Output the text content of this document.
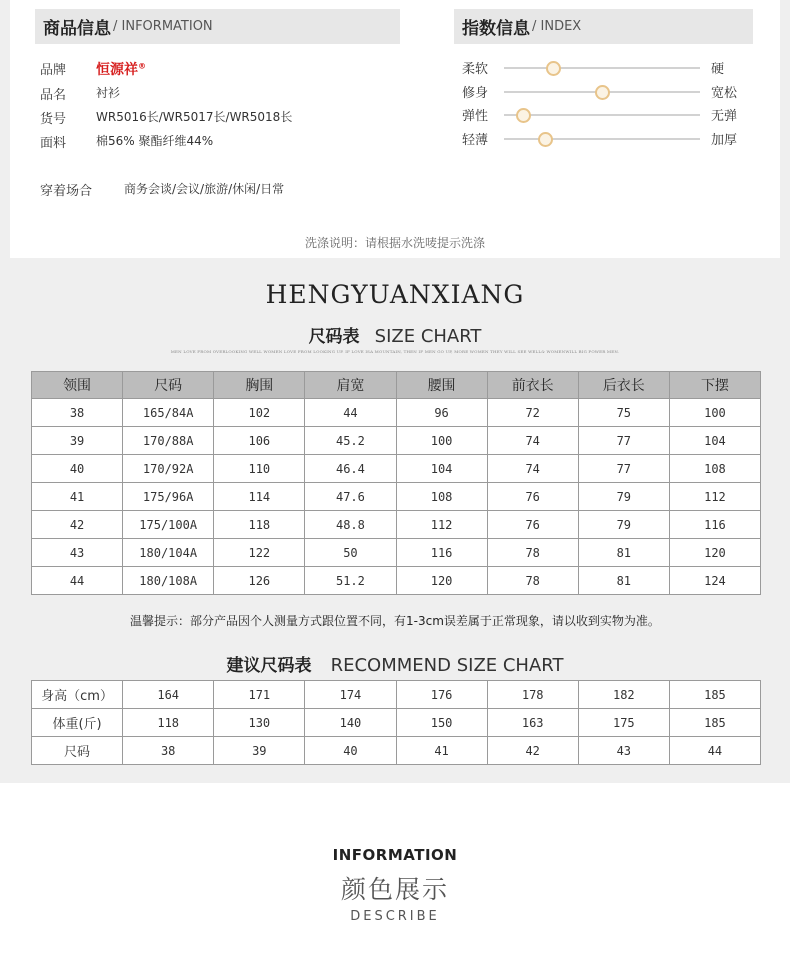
商品信息 / INFORMATION
品牌	恒源祥®
品名	衬衫
货号	WR5016长/WR5017长/WR5018长
面料	棉56% 聚酯纤维44%
穿着场合	商务会谈/会议/旅游/休闲/日常
指数信息 / INDEX
柔软	硬
修身	宽松
弹性	无弹
轻薄	加厚
洗涤说明：请根据水洗唛提示洗涤
HENGYUANXIANG
尺码表 SIZE CHART
MEN LOVE FROM OVERLOOKING WELL WOMEN LOVE FROM LOOKING UP. IF LOVE ISA MOUNTAIN, THEN IF MEN GO UP, MORE WOMEN THEY WILL SEE WELL& WOMENWILL BIG POWER MEN.
领围	尺码	胸围	肩宽	腰围	前衣长	后衣长	下摆
38	165/84A	102	44	96	72	75	100
39	170/88A	106	45.2	100	74	77	104
40	170/92A	110	46.4	104	74	77	108
41	175/96A	114	47.6	108	76	79	112
42	175/100A	118	48.8	112	76	79	116
43	180/104A	122	50	116	78	81	120
44	180/108A	126	51.2	120	78	81	124
温馨提示：部分产品因个人测量方式跟位置不同，有1-3cm误差属于正常现象，请以收到实物为准。
建议尺码表 RECOMMEND SIZE CHART
身高（cm）	164	171	174	176	178	182	185
体重(斤)	118	130	140	150	163	175	185
尺码	38	39	40	41	42	43	44
INFORMATION
颜色展示
DESCRIBE
